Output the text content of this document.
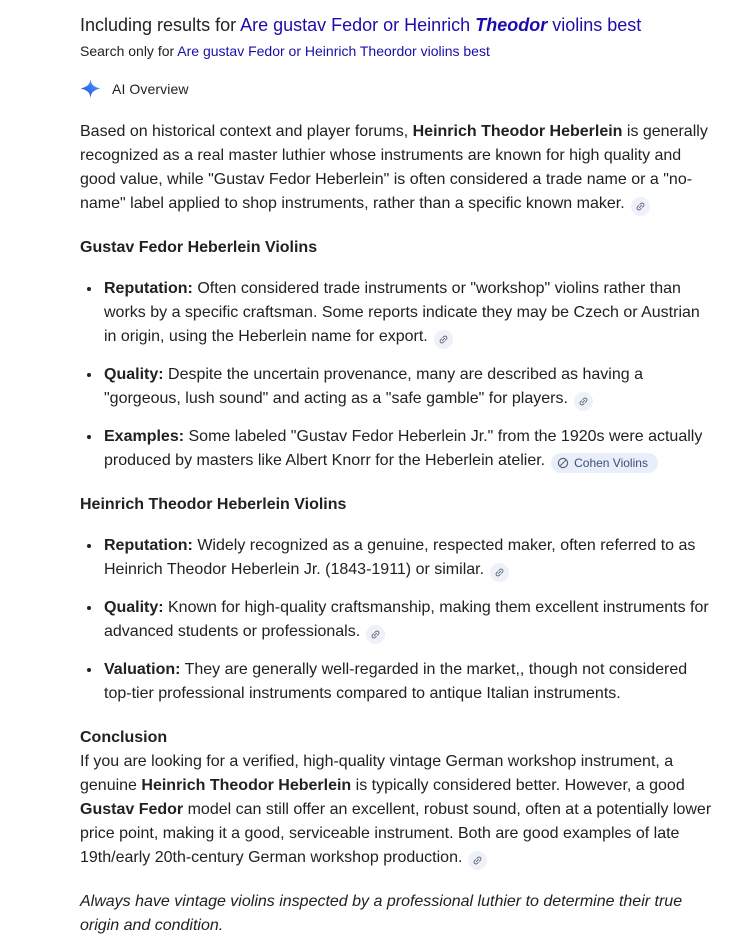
Including results for Are gustav Fedor or Heinrich Theodor violins best

Search only for Are gustav Fedor or Heinrich Theordor violins best

AI Overview

Based on historical context and player forums, Heinrich Theodor Heberlein is generally recognized as a real master luthier whose instruments are known for high quality and good value, while "Gustav Fedor Heberlein" is often considered a trade name or a "no-name" label applied to shop instruments, rather than a specific known maker.

Gustav Fedor Heberlein Violins
• Reputation: Often considered trade instruments or "workshop" violins rather than works by a specific craftsman. Some reports indicate they may be Czech or Austrian in origin, using the Heberlein name for export.
• Quality: Despite the uncertain provenance, many are described as having a "gorgeous, lush sound" and acting as a "safe gamble" for players.
• Examples: Some labeled "Gustav Fedor Heberlein Jr." from the 1920s were actually produced by masters like Albert Knorr for the Heberlein atelier. Cohen Violins
Heinrich Theodor Heberlein Violins
• Reputation: Widely recognized as a genuine, respected maker, often referred to as Heinrich Theodor Heberlein Jr. (1843-1911) or similar.
• Quality: Known for high-quality craftsmanship, making them excellent instruments for advanced students or professionals.
• Valuation: They are generally well-regarded in the market,, though not considered top-tier professional instruments compared to antique Italian instruments.

Conclusion

If you are looking for a verified, high-quality vintage German workshop instrument, a genuine Heinrich Theodor Heberlein is typically considered better. However, a good Gustav Fedor model can still offer an excellent, robust sound, often at a potentially lower price point, making it a good, serviceable instrument. Both are good examples of late 19th/early 20th-century German workshop production.

Always have vintage violins inspected by a professional luthier to determine their true origin and condition.
